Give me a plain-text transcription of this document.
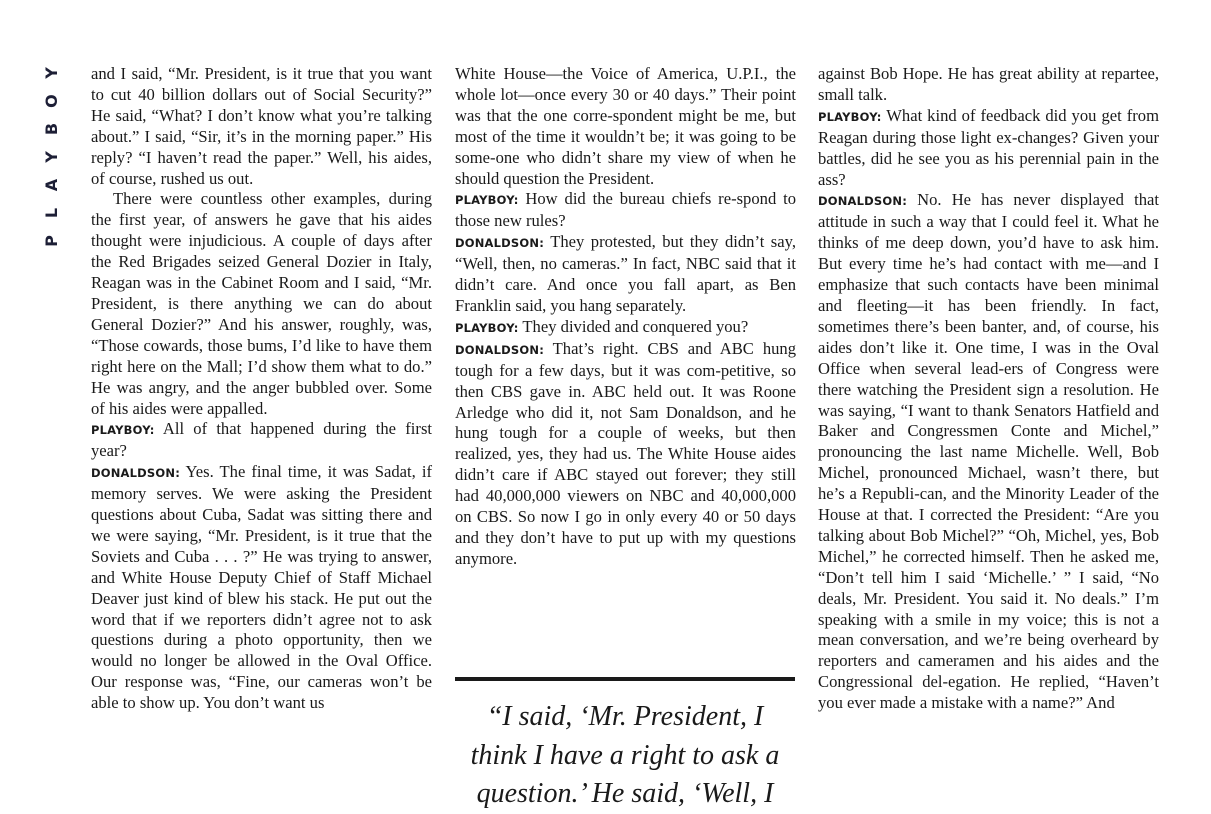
Y
O
B
Y
A
L
P

and I said, “Mr. President, is it true that you want to cut 40 billion dollars out of Social Security?” He said, “What? I don’t know what you’re talking about.” I said, “Sir, it’s in the morning paper.” His reply? “I haven’t read the paper.” Well, his aides, of course, rushed us out.

There were countless other examples, during the first year, of answers he gave that his aides thought were injudicious. A couple of days after the Red Brigades seized General Dozier in Italy, Reagan was in the Cabinet Room and I said, “Mr. President, is there anything we can do about General Dozier?” And his answer, roughly, was, “Those cowards, those bums, I’d like to have them right here on the Mall; I’d show them what to do.” He was angry, and the anger bubbled over. Some of his aides were appalled.

PLAYBOY: All of that happened during the first year?

DONALDSON: Yes. The final time, it was Sadat, if memory serves. We were asking the President questions about Cuba, Sadat was sitting there and we were saying, “Mr. President, is it true that the Soviets and Cuba . . . ?” He was trying to answer, and White House Deputy Chief of Staff Michael Deaver just kind of blew his stack. He put out the word that if we reporters didn’t agree not to ask questions during a photo opportunity, then we would no longer be allowed in the Oval Office. Our response was, “Fine, our cameras won’t be able to show up. You don’t want us

White House—the Voice of America, U.P.I., the whole lot—once every 30 or 40 days.” Their point was that the one corre-spondent might be me, but most of the time it wouldn’t be; it was going to be some-one who didn’t share my view of when he should question the President.

PLAYBOY: How did the bureau chiefs re-spond to those new rules?

DONALDSON: They protested, but they didn’t say, “Well, then, no cameras.” In fact, NBC said that it didn’t care. And once you fall apart, as Ben Franklin said, you hang separately.

PLAYBOY: They divided and conquered you?

DONALDSON: That’s right. CBS and ABC hung tough for a few days, but it was com-petitive, so then CBS gave in. ABC held out. It was Roone Arledge who did it, not Sam Donaldson, and he hung tough for a couple of weeks, but then realized, yes, they had us. The White House aides didn’t care if ABC stayed out forever; they still had 40,000,000 viewers on NBC and 40,000,000 on CBS. So now I go in only every 40 or 50 days and they don’t have to put up with my questions anymore.

against Bob Hope. He has great ability at repartee, small talk.

PLAYBOY: What kind of feedback did you get from Reagan during those light ex-changes? Given your battles, did he see you as his perennial pain in the ass?

DONALDSON: No. He has never displayed that attitude in such a way that I could feel it. What he thinks of me deep down, you’d have to ask him. But every time he’s had contact with me—and I emphasize that such contacts have been minimal and fleeting—it has been friendly. In fact, sometimes there’s been banter, and, of course, his aides don’t like it. One time, I was in the Oval Office when several lead-ers of Congress were there watching the President sign a resolution. He was saying, “I want to thank Senators Hatfield and Baker and Congressmen Conte and Michel,” pronouncing the last name Michelle. Well, Bob Michel, pronounced Michael, wasn’t there, but he’s a Republi-can, and the Minority Leader of the House at that. I corrected the President: “Are you talking about Bob Michel?” “Oh, Michel, yes, Bob Michel,” he corrected himself. Then he asked me, “Don’t tell him I said ‘Michelle.’ ” I said, “No deals, Mr. President. You said it. No deals.” I’m speaking with a smile in my voice; this is not a mean conversation, and we’re being overheard by reporters and cameramen and his aides and the Congressional del-egation. He replied, “Haven’t you ever made a mistake with a name?” And

“I said, ‘Mr. President, I
think I have a right to ask a
question.’ He said, ‘Well, I
